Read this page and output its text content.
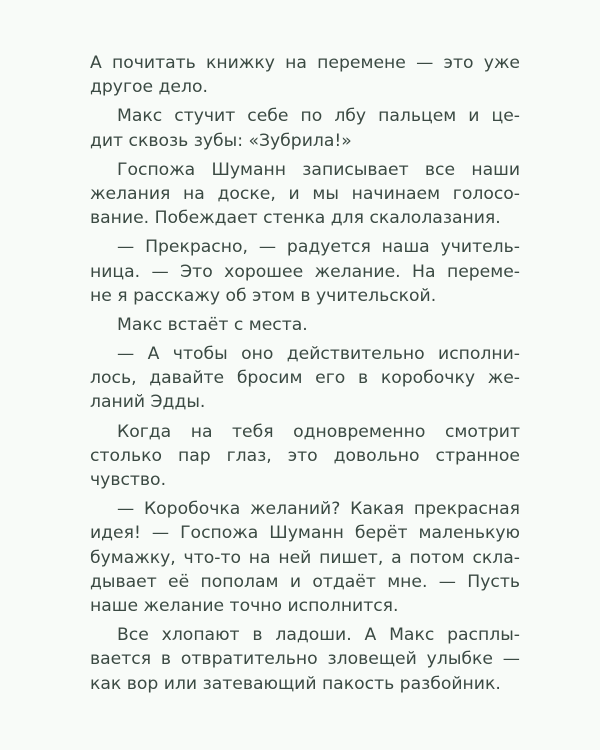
А почитать книжку на перемене — это уже
другое дело.
Макс стучит себе по лбу пальцем и це-
дит сквозь зубы: «Зубрила!»
Госпожа Шуманн записывает все наши
желания на доске, и мы начинаем голосо-
вание. Побеждает стенка для скалолазания.
— Прекрасно, — радуется наша учитель-
ница. — Это хорошее желание. На переме-
не я расскажу об этом в учительской.
Макс встаёт с места.
— А чтобы оно действительно исполни-
лось, давайте бросим его в коробочку же-
ланий Эдды.
Когда на тебя одновременно смотрит
столько пар глаз, это довольно странное
чувство.
— Коробочка желаний? Какая прекрасная
идея! — Госпожа Шуманн берёт маленькую
бумажку, что-то на ней пишет, а потом скла-
дывает её пополам и отдаёт мне. — Пусть
наше желание точно исполнится.
Все хлопают в ладоши. А Макс расплы-
вается в отвратительно зловещей улыбке —
как вор или затевающий пакость разбойник.
